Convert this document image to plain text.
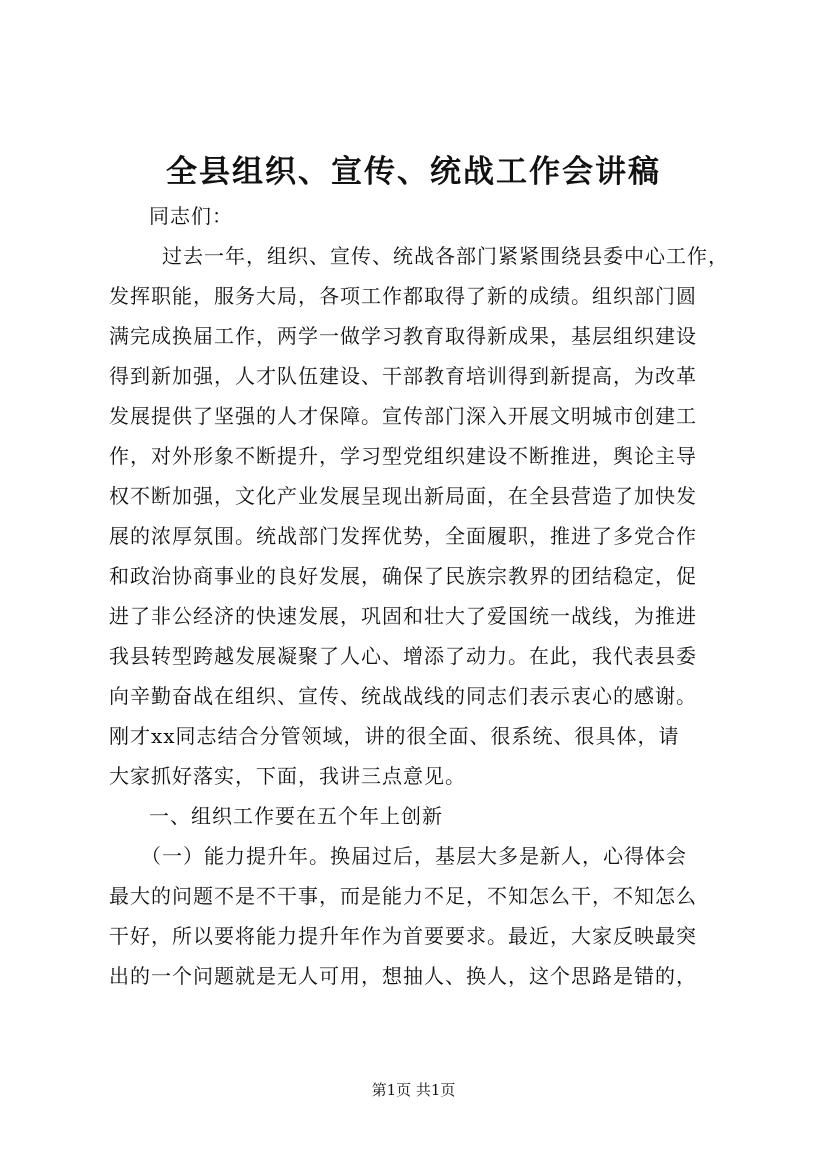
全县组织、宣传、统战工作会讲稿
同志们：
过去一年，组织、宣传、统战各部门紧紧围绕县委中心工作，
发挥职能，服务大局，各项工作都取得了新的成绩。组织部门圆
满完成换届工作，两学一做学习教育取得新成果，基层组织建设
得到新加强，人才队伍建设、干部教育培训得到新提高，为改革
发展提供了坚强的人才保障。宣传部门深入开展文明城市创建工
作，对外形象不断提升，学习型党组织建设不断推进，舆论主导
权不断加强，文化产业发展呈现出新局面，在全县营造了加快发
展的浓厚氛围。统战部门发挥优势，全面履职，推进了多党合作
和政治协商事业的良好发展，确保了民族宗教界的团结稳定，促
进了非公经济的快速发展，巩固和壮大了爱国统一战线，为推进
我县转型跨越发展凝聚了人心、增添了动力。在此，我代表县委
向辛勤奋战在组织、宣传、统战战线的同志们表示衷心的感谢。
刚才xx同志结合分管领域，讲的很全面、很系统、很具体，请
大家抓好落实，下面，我讲三点意见。
一、组织工作要在五个年上创新
（一）能力提升年。换届过后，基层大多是新人，心得体会
最大的问题不是不干事，而是能力不足，不知怎么干，不知怎么
干好，所以要将能力提升年作为首要要求。最近，大家反映最突
出的一个问题就是无人可用，想抽人、换人，这个思路是错的，
第1页 共1页
